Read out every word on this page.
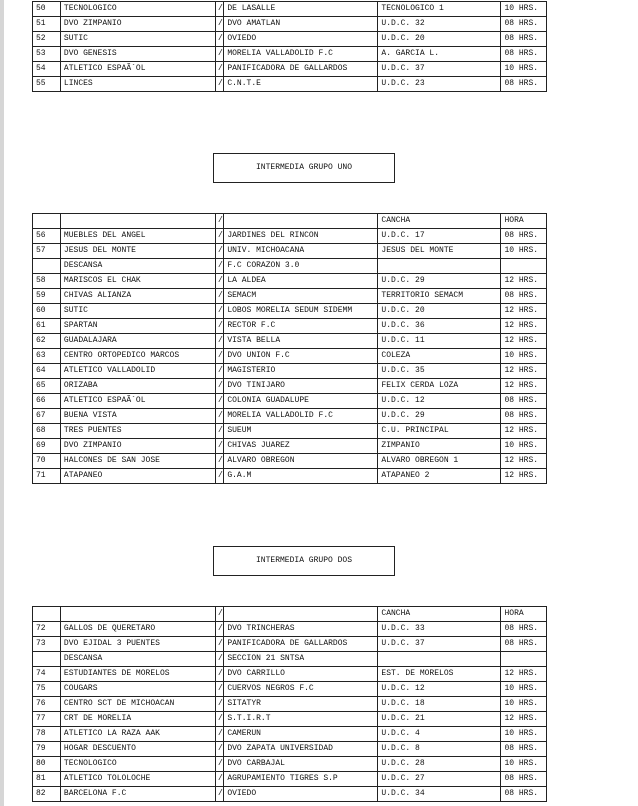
50	TECNOLOGICO	/	DE LASALLE	TECNOLOGICO 1	10 HRS.
51	DVO ZIMPANIO	/	DVO AMATLAN	U.D.C. 32	08 HRS.
52	SUTIC	/	OVIEDO	U.D.C. 20	08 HRS.
53	DVO GENESIS	/	MORELIA VALLADOLID F.C	A. GARCIA L.	08 HRS.
54	ATLETICO ESPAÃ`OL	/	PANIFICADORA DE GALLARDOS	U.D.C. 37	10 HRS.
55	LINCES	/	C.N.T.E	U.D.C. 23	08 HRS.
INTERMEDIA GRUPO UNO
		/		CANCHA	HORA
56	MUEBLES DEL ANGEL	/	JARDINES DEL RINCON	U.D.C. 17	08 HRS.
57	JESUS DEL MONTE	/	UNIV. MICHOACANA	JESUS DEL MONTE	10 HRS.
	DESCANSA	/	F.C CORAZON 3.0		
58	MARISCOS EL CHAK	/	LA ALDEA	U.D.C. 29	12 HRS.
59	CHIVAS ALIANZA	/	SEMACM	TERRITORIO SEMACM	08 HRS.
60	SUTIC	/	LOBOS MORELIA SEDUM SIDEMM	U.D.C. 20	12 HRS.
61	SPARTAN	/	RECTOR F.C	U.D.C. 36	12 HRS.
62	GUADALAJARA	/	VISTA BELLA	U.D.C. 11	12 HRS.
63	CENTRO ORTOPEDICO MARCOS	/	DVO UNION F.C	COLEZA	10 HRS.
64	ATLETICO VALLADOLID	/	MAGISTERIO	U.D.C. 35	12 HRS.
65	ORIZABA	/	DVO TINIJARO	FELIX CERDA LOZA	12 HRS.
66	ATLETICO ESPAÃ`OL	/	COLONIA GUADALUPE	U.D.C. 12	08 HRS.
67	BUENA VISTA	/	MORELIA VALLADOLID F.C	U.D.C. 29	08 HRS.
68	TRES PUENTES	/	SUEUM	C.U. PRINCIPAL	12 HRS.
69	DVO ZIMPANIO	/	CHIVAS JUAREZ	ZIMPANIO	10 HRS.
70	HALCONES DE SAN JOSE	/	ALVARO OBREGON	ALVARO OBREGON 1	12 HRS.
71	ATAPANEO	/	G.A.M	ATAPANEO 2	12 HRS.
INTERMEDIA GRUPO DOS
		/		CANCHA	HORA
72	GALLOS DE QUERETARO	/	DVO TRINCHERAS	U.D.C. 33	08 HRS.
73	DVO EJIDAL 3 PUENTES	/	PANIFICADORA DE GALLARDOS	U.D.C. 37	08 HRS.
	DESCANSA	/	SECCION 21 SNTSA		
74	ESTUDIANTES DE MORELOS	/	DVO CARRILLO	EST. DE MORELOS	12 HRS.
75	COUGARS	/	CUERVOS NEGROS F.C	U.D.C. 12	10 HRS.
76	CENTRO SCT DE MICHOACAN	/	SITATYR	U.D.C. 18	10 HRS.
77	CRT DE MORELIA	/	S.T.I.R.T	U.D.C. 21	12 HRS.
78	ATLETICO LA RAZA AAK	/	CAMERUN	U.D.C. 4	10 HRS.
79	HOGAR DESCUENTO	/	DVO ZAPATA UNIVERSIDAD	U.D.C. 8	08 HRS.
80	TECNOLOGICO	/	DVO CARBAJAL	U.D.C. 28	10 HRS.
81	ATLETICO TOLOLOCHE	/	AGRUPAMIENTO TIGRES S.P	U.D.C. 27	08 HRS.
82	BARCELONA F.C	/	OVIEDO	U.D.C. 34	08 HRS.
